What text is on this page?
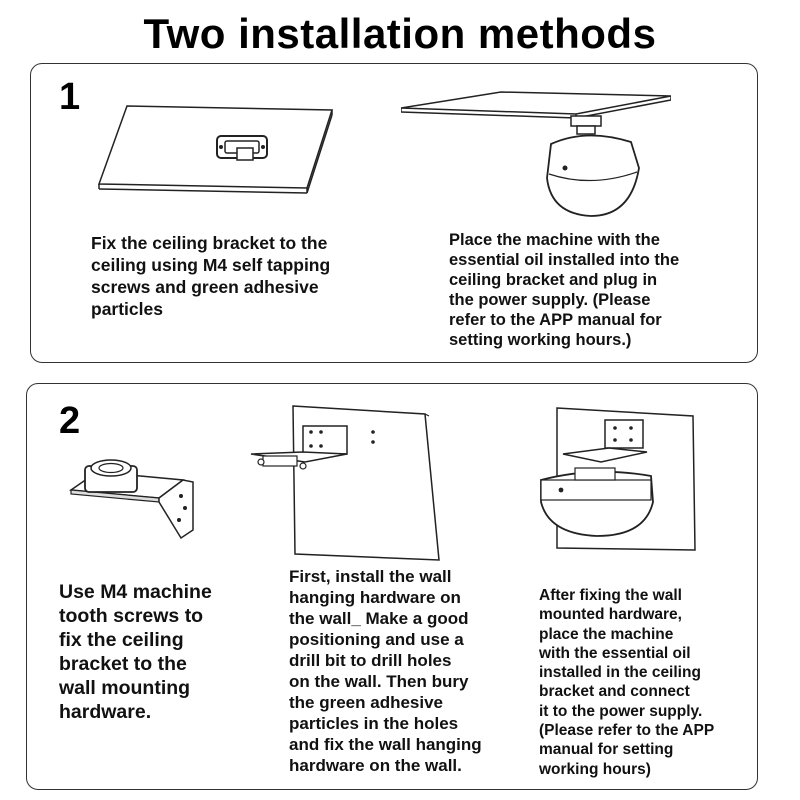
Two installation methods
1
Fix the ceiling bracket to the
ceiling using M4 self tapping
screws and green adhesive
particles
Place the machine with the
essential oil installed into the
ceiling bracket and plug in
the power supply. (Please
refer to the APP manual for
setting working hours.)
2
Use M4 machine
tooth screws to
fix the ceiling
bracket to the
wall mounting
hardware.
First, install the wall
hanging hardware on
the wall_ Make a good
positioning and use a
drill bit to drill holes
on the wall. Then bury
the green adhesive
particles in the holes
and fix the wall hanging
hardware on the wall.
After fixing the wall
mounted hardware,
place the machine
with the essential oil
installed in the ceiling
bracket and connect
it to the power supply.
(Please refer to the APP
manual for setting
working hours)
